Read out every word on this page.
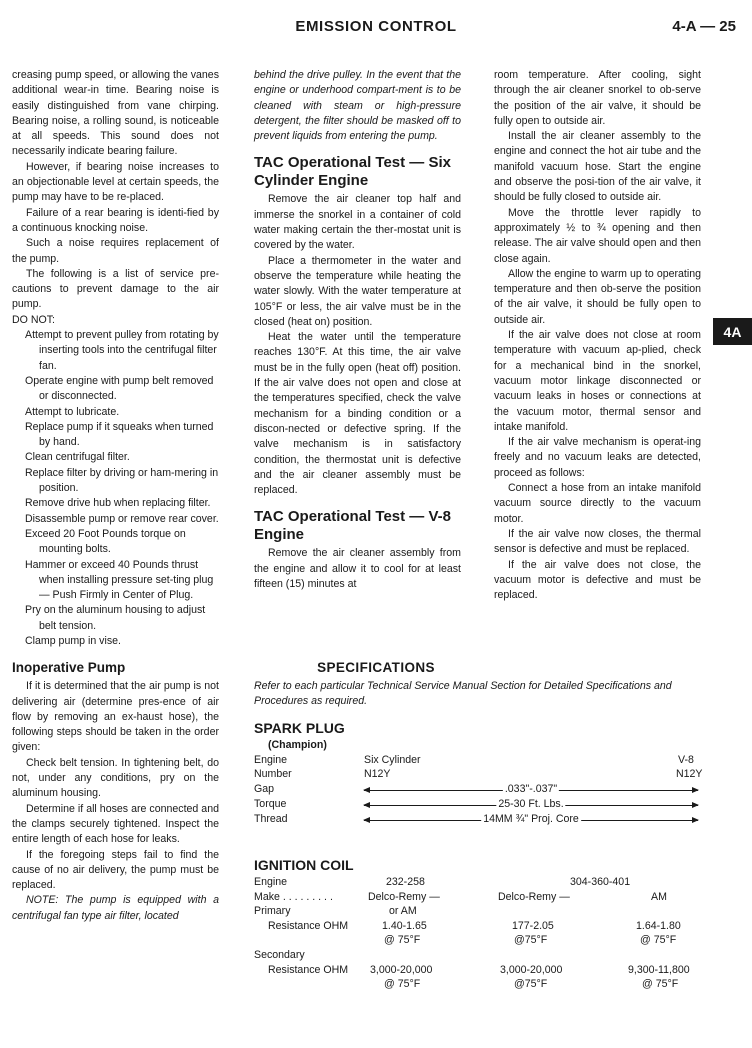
EMISSION CONTROL	4-A — 25
4A

creasing pump speed, or allowing the vanes additional wear-in time. Bearing noise is easily distinguished from vane chirping. Bearing noise, a rolling sound, is noticeable at all speeds. This sound does not necessarily indicate bearing failure.

However, if bearing noise increases to an objectionable level at certain speeds, the pump may have to be re-placed.

Failure of a rear bearing is identi-fied by a continuous knocking noise.

Such a noise requires replacement of the pump.

The following is a list of service pre-cautions to prevent damage to the air pump.

DO NOT:

Attempt to prevent pulley from rotating by inserting tools into the centrifugal filter fan.

Operate engine with pump belt removed or disconnected.

Attempt to lubricate.

Replace pump if it squeaks when turned by hand.

Clean centrifugal filter.

Replace filter by driving or ham-mering in position.

Remove drive hub when replacing filter.

Disassemble pump or remove rear cover.

Exceed 20 Foot Pounds torque on mounting bolts.

Hammer or exceed 40 Pounds thrust when installing pressure set-ting plug — Push Firmly in Center of Plug.

Pry on the aluminum housing to adjust belt tension.

Clamp pump in vise.

Inoperative Pump

If it is determined that the air pump is not delivering air (determine pres-ence of air flow by removing an ex-haust hose), the following steps should be taken in the order given:

Check belt tension. In tightening belt, do not, under any conditions, pry on the aluminum housing.

Determine if all hoses are connected and the clamps securely tightened. Inspect the entire length of each hose for leaks.

If the foregoing steps fail to find the cause of no air delivery, the pump must be replaced.

NOTE: The pump is equipped with a centrifugal fan type air filter, located

behind the drive pulley. In the event that the engine or underhood compart-ment is to be cleaned with steam or high-pressure detergent, the filter should be masked off to prevent liquids from entering the pump.

TAC Operational Test — Six Cylinder Engine

Remove the air cleaner top half and immerse the snorkel in a container of cold water making certain the ther-mostat unit is covered by the water.

Place a thermometer in the water and observe the temperature while heating the water slowly. With the water temperature at 105°F or less, the air valve must be in the closed (heat on) position.

Heat the water until the temperature reaches 130°F. At this time, the air valve must be in the fully open (heat off) position. If the air valve does not open and close at the temperatures specified, check the valve mechanism for a binding condition or a discon-nected or defective spring. If the valve mechanism is in satisfactory condition, the thermostat unit is defective and the air cleaner assembly must be replaced.

TAC Operational Test — V-8 Engine

Remove the air cleaner assembly from the engine and allow it to cool for at least fifteen (15) minutes at

room temperature. After cooling, sight through the air cleaner snorkel to ob-serve the position of the air valve, it should be fully open to outside air.

Install the air cleaner assembly to the engine and connect the hot air tube and the manifold vacuum hose. Start the engine and observe the posi-tion of the air valve, it should be fully closed to outside air.

Move the throttle lever rapidly to approximately ½ to ¾ opening and then release. The air valve should open and then close again.

Allow the engine to warm up to operating temperature and then ob-serve the position of the air valve, it should be fully open to outside air.

If the air valve does not close at room temperature with vacuum ap-plied, check for a mechanical bind in the snorkel, vacuum motor linkage disconnected or vacuum leaks in hoses or connections at the vacuum motor, thermal sensor and intake manifold.

If the air valve mechanism is operat-ing freely and no vacuum leaks are detected, proceed as follows:

Connect a hose from an intake manifold vacuum source directly to the vacuum motor.

If the air valve now closes, the thermal sensor is defective and must be replaced.

If the air valve does not close, the vacuum motor is defective and must be replaced.

SPECIFICATIONS
Refer to each particular Technical Service Manual Section for Detailed Specifications and Procedures as required.
SPARK PLUG
(Champion)
Engine	Six Cylinder	V-8
Number	N12Y	N12Y
Gap	.033"-.037"
Torque	25-30 Ft. Lbs.
Thread	14MM ¾" Proj. Core
IGNITION COIL
Engine	232-258	304-360-401
Make . . . . . . . . .	Delco-Remy —	Delco-Remy —	AM
Primary	or AM
Resistance OHM	1.40-1.65	177-2.05	1.64-1.80
@ 75°F	@75°F	@ 75°F
Secondary
Resistance OHM 3,000-20,000	3,000-20,000	9,300-11,800
@ 75°F	@75°F	@ 75°F
